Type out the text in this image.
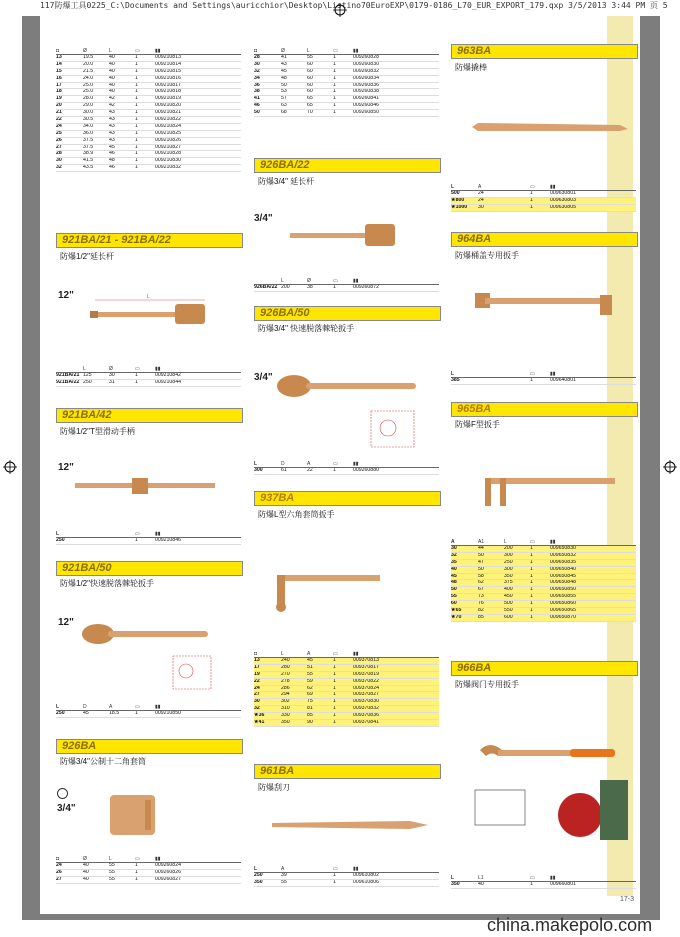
117防爆工具0225_C:\Documents and Settings\auricchior\Desktop\Listino70EuroEXP\0179-0186_L70_EUR_EXPORT_179.qxp 3/5/2013 3:44 PM 页 5
◘	Ø	L	▭	▮▮
13	19.5	40	1	009210813
14	20.0	40	1	009210814
15	21.5	40	1	009210815
16	24.0	40	1	009210816
17	25.0	40	1	009210817
18	25.0	40	1	009210818
19	28.0	42	1	009210819
20	29.0	42	1	009210820
21	30.0	43	1	009210821
22	30.5	43	1	009210822
24	34.0	43	1	009210824
25	36.0	43	1	009210825
26	37.5	43	1	009210826
27	37.5	45	1	009210827
28	38.9	46	1	009210828
30	41.5	48	1	009210830
32	43.5	46	1	009210832
921BA/21 - 921BA/22
防爆1/2"延长杆
12"	L
L	Ø	▭	▮▮
921BA/21 125	30	1	009210842
921BA/22 250	31	1	009210844
921BA/42
防爆1/2"T型滑动手柄
12"
L	▭	▮▮
250	1	009210846
921BA/50
防爆1/2"快速脱落棘轮扳手
12"
L	D	A	▭	▮▮
250	45	18.5	1	009210850
926BA
防爆3/4"公制十二角套筒
3/4"
◘	Ø	L	▭	▮▮
24	40	55	1	009260824
26	40	55	1	009260826
27	40	55	1	009260827
◘	Ø	L	▭	▮▮
28	41	55	1	009260828
30	43	60	1	009260830
32	45	60	1	009260832
34	48	60	1	009260834
36	50	60	1	009260836
38	53	60	1	009260838
41	57	65	1	009260841
46	63	65	1	009260846
50	68	70	1	009260850
926BA/22
防爆3/4" 延长杆
3/4"
L	Ø	▭	▮▮
926BA/22 200	38	1	009260872
926BA/50
防爆3/4" 快速脱落棘轮扳手
3/4"
L	D	A	▭	▮▮
300	61	22	1	009260880
937BA
防爆L型六角套筒扳手
◘	L	A	▭	▮▮
13	240	45	1	009370813
17	280	51	1	009370817
19	270	55	1	009370819
22	278	59	1	009370822
24	286	62	1	009370824
27	294	69	1	009370827
30	302	75	1	009370830
32	310	81	1	009370832
★36	330	85	1	009370836
★41	350	90	1	009370841
961BA
防爆刮刀
L	A	▭	▮▮
250	39	1	009610802
350	55	1	009610806
963BA
防爆撬棒
L	A	▭	▮▮
500	24	1	009630801
★800	24	1	009630803
★1000	30	1	009630805
964BA
防爆桶盖专用扳手
L	▭	▮▮
385	1	009640801
965BA
防爆F型扳手
A	A1	L	▭	▮▮
30	44	200	1	009650830
32	50	300	1	009650832
35	47	250	1	009650835
40	50	300	1	009650840
45	58	350	1	009650845
48	62	375	1	009650848
50	67	400	1	009650850
55	73	450	1	009650855
60	76	500	1	009650860
★65	82	550	1	009650865
★70	85	600	1	009650870
966BA
防爆阀门专用扳手
L	L1	▭	▮▮
350	40	1	009660801
17-3
china.makepolo.com
